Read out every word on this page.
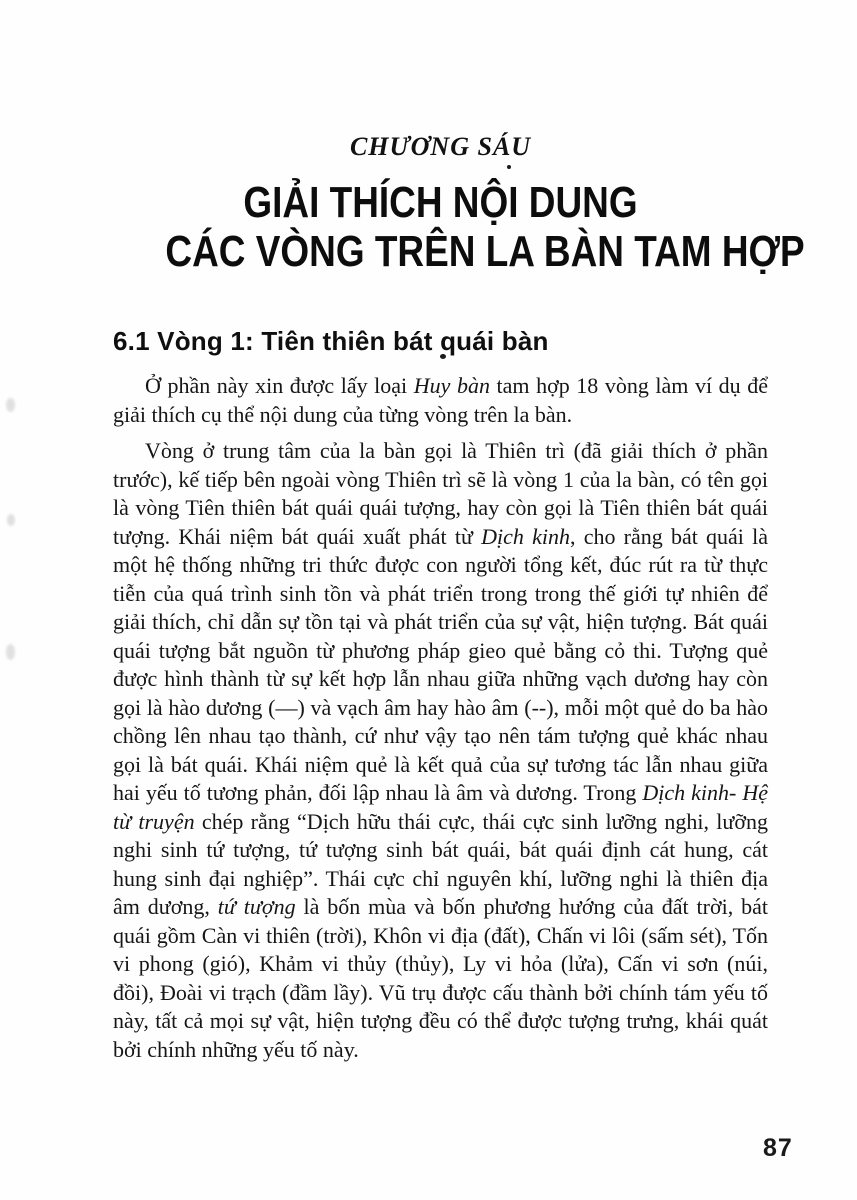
CHƯƠNG SÁU
GIẢI THÍCH NỘI DUNG
CÁC VÒNG TRÊN LA BÀN TAM HỢP
6.1 Vòng 1: Tiên thiên bát quái bàn

Ở phần này xin được lấy loại Huy bàn tam hợp 18 vòng làm ví dụ để giải thích cụ thể nội dung của từng vòng trên la bàn.

Vòng ở trung tâm của la bàn gọi là Thiên trì (đã giải thích ở phần trước), kế tiếp bên ngoài vòng Thiên trì sẽ là vòng 1 của la bàn, có tên gọi là vòng Tiên thiên bát quái quái tượng, hay còn gọi là Tiên thiên bát quái tượng. Khái niệm bát quái xuất phát từ Dịch kinh, cho rằng bát quái là một hệ thống những tri thức được con người tổng kết, đúc rút ra từ thực tiễn của quá trình sinh tồn và phát triển trong trong thế giới tự nhiên để giải thích, chỉ dẫn sự tồn tại và phát triển của sự vật, hiện tượng. Bát quái quái tượng bắt nguồn từ phương pháp gieo quẻ bằng cỏ thi. Tượng quẻ được hình thành từ sự kết hợp lẫn nhau giữa những vạch dương hay còn gọi là hào dương (—) và vạch âm hay hào âm (--), mỗi một quẻ do ba hào chồng lên nhau tạo thành, cứ như vậy tạo nên tám tượng quẻ khác nhau gọi là bát quái. Khái niệm quẻ là kết quả của sự tương tác lẫn nhau giữa hai yếu tố tương phản, đối lập nhau là âm và dương. Trong Dịch kinh- Hệ từ truyện chép rằng “Dịch hữu thái cực, thái cực sinh lưỡng nghi, lưỡng nghi sinh tứ tượng, tứ tượng sinh bát quái, bát quái định cát hung, cát hung sinh đại nghiệp”. Thái cực chỉ nguyên khí, lưỡng nghi là thiên địa âm dương, tứ tượng là bốn mùa và bốn phương hướng của đất trời, bát quái gồm Càn vi thiên (trời), Khôn vi địa (đất), Chấn vi lôi (sấm sét), Tốn vi phong (gió), Khảm vi thủy (thủy), Ly vi hỏa (lửa), Cấn vi sơn (núi, đồi), Đoài vi trạch (đầm lầy). Vũ trụ được cấu thành bởi chính tám yếu tố này, tất cả mọi sự vật, hiện tượng đều có thể được tượng trưng, khái quát bởi chính những yếu tố này.

87
